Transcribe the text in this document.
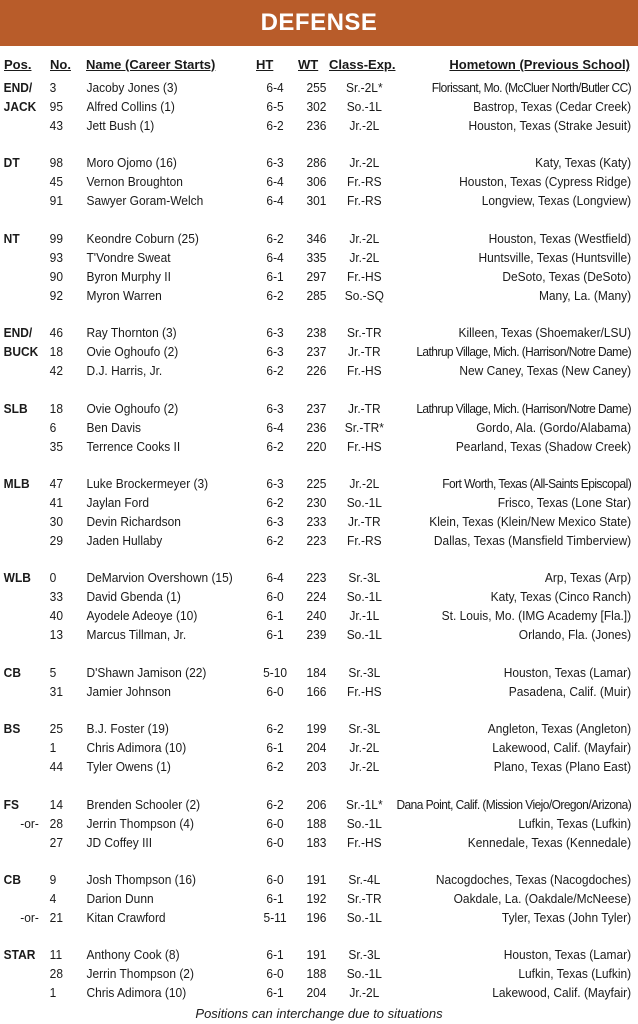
DEFENSE
Pos. No. Name (Career Starts)	HT WT Class-Exp.	Hometown (Previous School)
END/ 3 Jacoby Jones (3)	6-4	255	Sr.-2L*	Florissant, Mo. (McCluer North/Butler CC)
JACK 95 Alfred Collins (1)	6-5	302	So.-1L	Bastrop, Texas (Cedar Creek)
43 Jett Bush (1)	6-2	236	Jr.-2L	Houston, Texas (Strake Jesuit)
DT 98 Moro Ojomo (16)	6-3	286	Jr.-2L	Katy, Texas (Katy)
45 Vernon Broughton	6-4	306	Fr.-RS	Houston, Texas (Cypress Ridge)
91 Sawyer Goram-Welch	6-4	301	Fr.-RS	Longview, Texas (Longview)
NT 99 Keondre Coburn (25)	6-2	346	Jr.-2L	Houston, Texas (Westfield)
93 T'Vondre Sweat	6-4	335	Jr.-2L	Huntsville, Texas (Huntsville)
90 Byron Murphy II	6-1	297	Fr.-HS	DeSoto, Texas (DeSoto)
92 Myron Warren	6-2	285	So.-SQ	Many, La. (Many)
END/ 46 Ray Thornton (3)	6-3	238	Sr.-TR	Killeen, Texas (Shoemaker/LSU)
BUCK 18 Ovie Oghoufo (2)	6-3	237	Jr.-TR	Lathrup Village, Mich. (Harrison/Notre Dame)
42 D.J. Harris, Jr.	6-2	226	Fr.-HS	New Caney, Texas (New Caney)
SLB 18 Ovie Oghoufo (2)	6-3	237	Jr.-TR	Lathrup Village, Mich. (Harrison/Notre Dame)
6 Ben Davis	6-4	236	Sr.-TR*	Gordo, Ala. (Gordo/Alabama)
35 Terrence Cooks II	6-2	220	Fr.-HS	Pearland, Texas (Shadow Creek)
MLB 47 Luke Brockermeyer (3)	6-3	225	Jr.-2L	Fort Worth, Texas (All-Saints Episcopal)
41 Jaylan Ford	6-2	230	So.-1L	Frisco, Texas (Lone Star)
30 Devin Richardson	6-3	233	Jr.-TR	Klein, Texas (Klein/New Mexico State)
29 Jaden Hullaby	6-2	223	Fr.-RS	Dallas, Texas (Mansfield Timberview)
WLB 0 DeMarvion Overshown (15)	6-4	223	Sr.-3L	Arp, Texas (Arp)
33 David Gbenda (1)	6-0	224	So.-1L	Katy, Texas (Cinco Ranch)
40 Ayodele Adeoye (10)	6-1	240	Jr.-1L	St. Louis, Mo. (IMG Academy [Fla.])
13 Marcus Tillman, Jr.	6-1	239	So.-1L	Orlando, Fla. (Jones)
CB 5 D'Shawn Jamison (22)	5-10	184	Sr.-3L	Houston, Texas (Lamar)
31 Jamier Johnson	6-0	166	Fr.-HS	Pasadena, Calif. (Muir)
BS 25 B.J. Foster (19)	6-2	199	Sr.-3L	Angleton, Texas (Angleton)
1 Chris Adimora (10)	6-1	204	Jr.-2L	Lakewood, Calif. (Mayfair)
44 Tyler Owens (1)	6-2	203	Jr.-2L	Plano, Texas (Plano East)
FS 14 Brenden Schooler (2)	6-2	206	Sr.-1L*	Dana Point, Calif. (Mission Viejo/Oregon/Arizona)
-or- 28 Jerrin Thompson (4)	6-0	188	So.-1L	Lufkin, Texas (Lufkin)
27 JD Coffey III	6-0	183	Fr.-HS	Kennedale, Texas (Kennedale)
CB 9 Josh Thompson (16)	6-0	191	Sr.-4L	Nacogdoches, Texas (Nacogdoches)
4 Darion Dunn	6-1	192	Sr.-TR	Oakdale, La. (Oakdale/McNeese)
-or- 21 Kitan Crawford	5-11	196	So.-1L	Tyler, Texas (John Tyler)
STAR 11 Anthony Cook (8)	6-1	191	Sr.-3L	Houston, Texas (Lamar)
28 Jerrin Thompson (2)	6-0	188	So.-1L	Lufkin, Texas (Lufkin)
1 Chris Adimora (10)	6-1	204	Jr.-2L	Lakewood, Calif. (Mayfair)
Positions can interchange due to situations
